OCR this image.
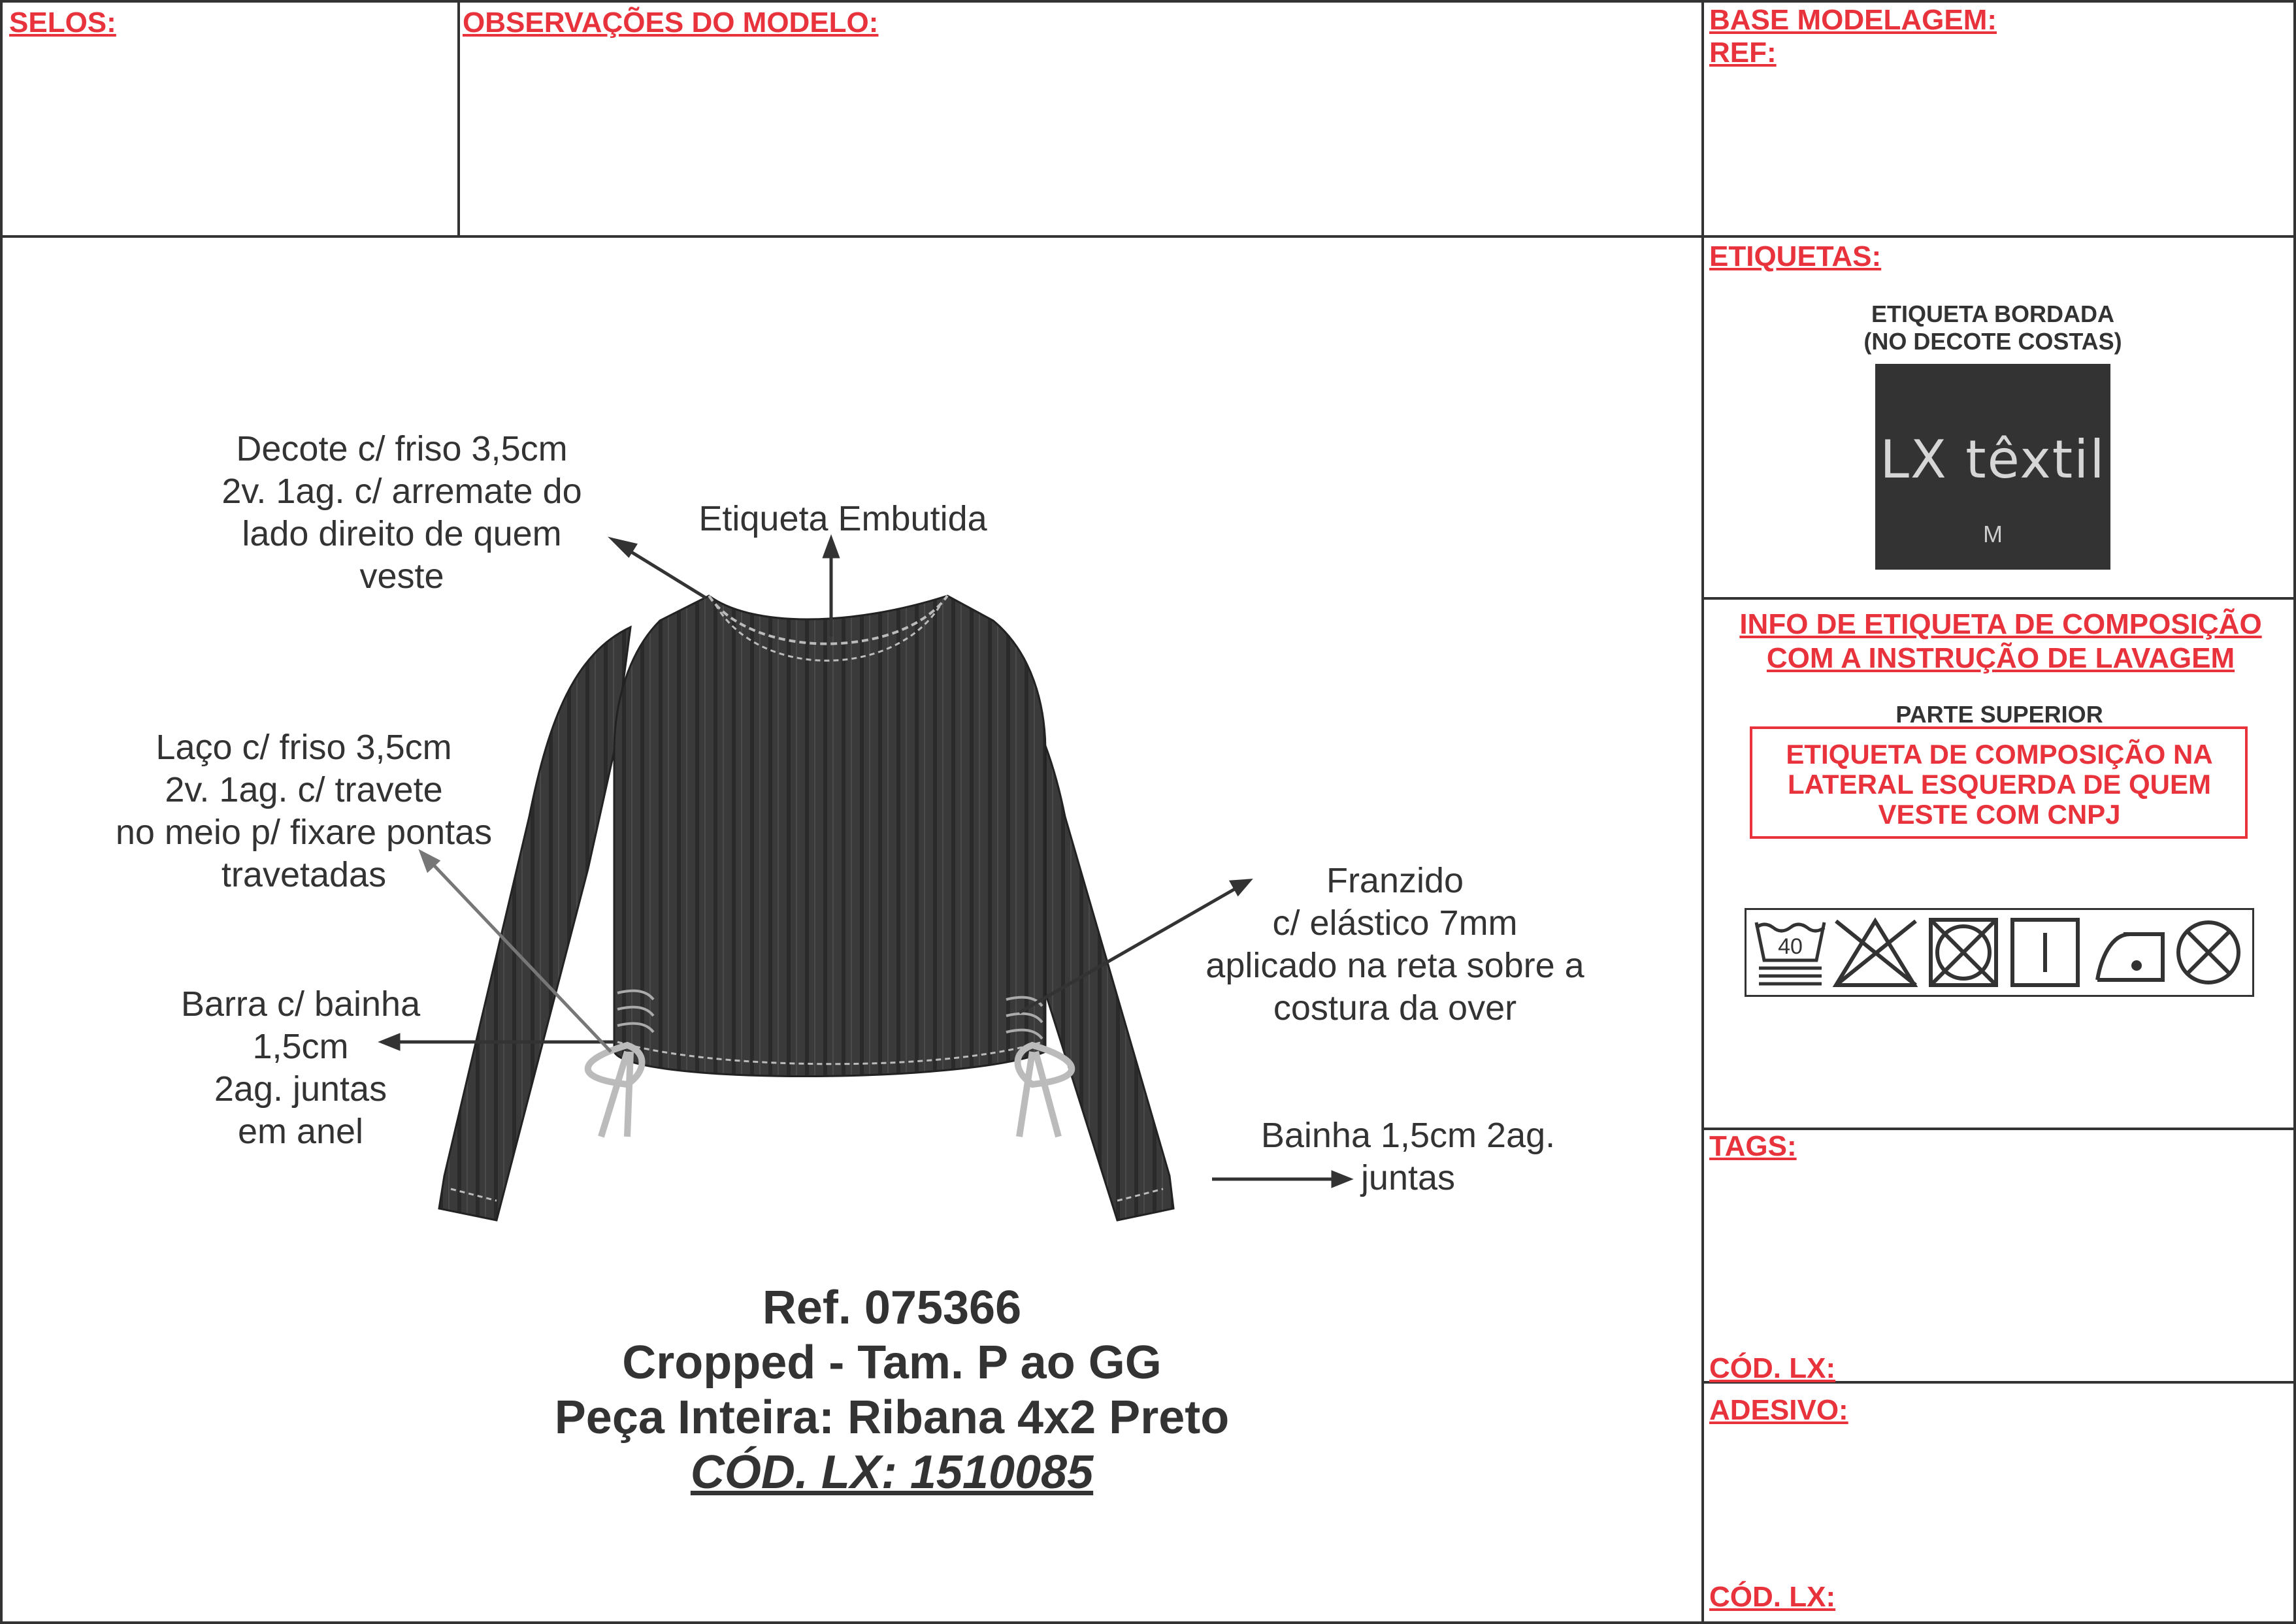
SELOS:	OBSERVAÇÕES DO MODELO:	BASE MODELAGEM:
REF:
Decote c/ friso 3,5cm
2v. 1ag. c/ arremate do
lado direito de quem
veste
Etiqueta Embutida
Laço c/ friso 3,5cm
2v. 1ag. c/ travete
no meio p/ fixare pontas
travetadas	Franzido
c/ elástico 7mm
aplicado na reta sobre a
costura da over
Barra c/ bainha
1,5cm
2ag. juntas
em anel	Bainha 1,5cm 2ag.
juntas
Ref. 075366
Cropped - Tam. P ao GG
Peça Inteira: Ribana 4x2 Preto
CÓD. LX: 1510085
ETIQUETAS:
ETIQUETA BORDADA
(NO DECOTE COSTAS)
LX têxtil
M
INFO DE ETIQUETA DE COMPOSIÇÃO
COM A INSTRUÇÃO DE LAVAGEM
PARTE SUPERIOR
ETIQUETA DE COMPOSIÇÃO NA
LATERAL ESQUERDA DE QUEM
VESTE COM CNPJ
40
TAGS:
CÓD. LX:
ADESIVO:
CÓD. LX:
